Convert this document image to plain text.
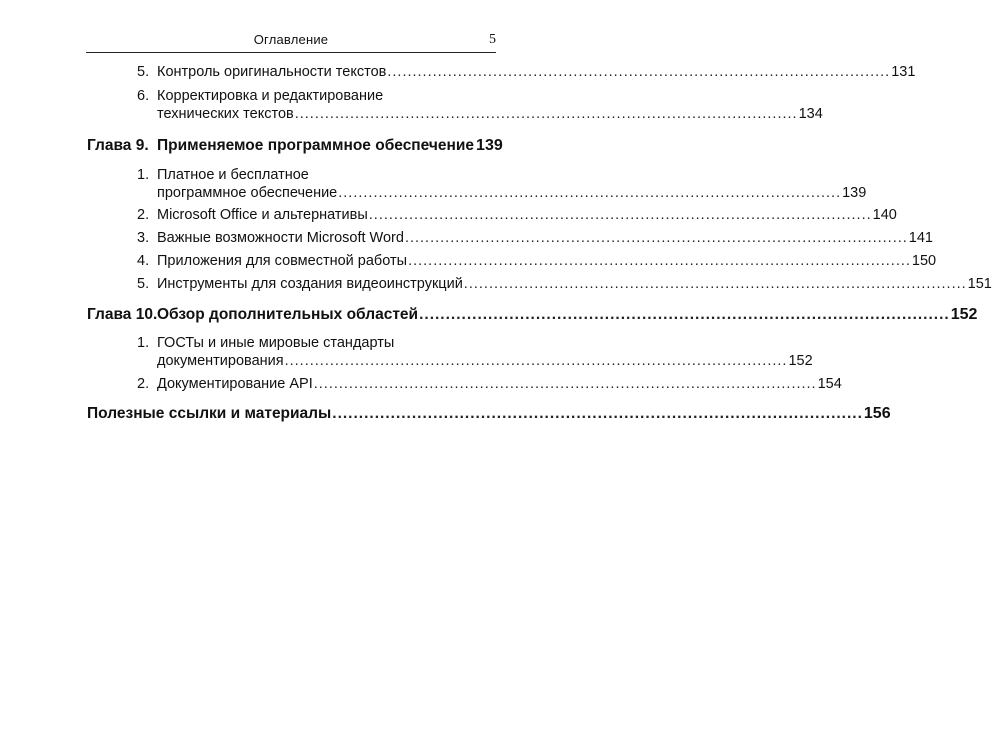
Оглавление	5
5. Контроль оригинальности текстов .................................................................................................... 131
6. Корректировка и редактирование
технических текстов .................................................................................................... 134
Глава 9. Применяемое программное обеспечение 139
1. Платное и бесплатное
программное обеспечение .................................................................................................... 139
2. Microsoft Office и альтернативы .................................................................................................... 140
3. Важные возможности Microsoft Word .................................................................................................... 141
4. Приложения для совместной работы .................................................................................................... 150
5. Инструменты для создания видеоинструкций .................................................................................................... 151
Глава 10. Обзор дополнительных областей .................................................................................................... 152
1. ГОСТы и иные мировые стандарты
документирования .................................................................................................... 152
2. Документирование API .................................................................................................... 154
Полезные ссылки и материалы .................................................................................................... 156
